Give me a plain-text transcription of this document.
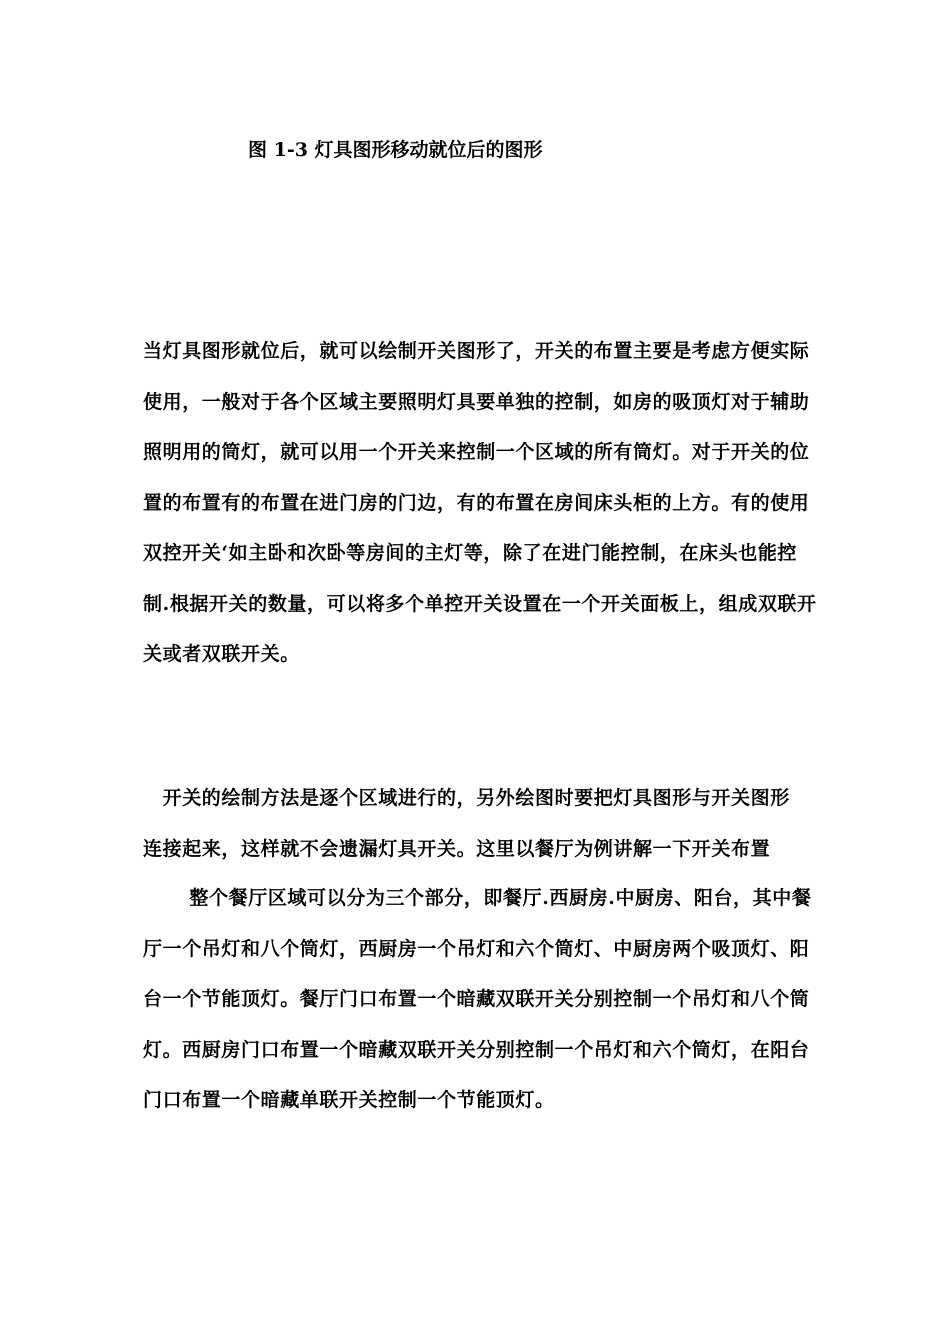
图 1-3 灯具图形移动就位后的图形
当灯具图形就位后，就可以绘制开关图形了，开关的布置主要是考虑方便实际
使用，一般对于各个区域主要照明灯具要单独的控制，如房的吸顶灯对于辅助
照明用的筒灯，就可以用一个开关来控制一个区域的所有筒灯。对于开关的位
置的布置有的布置在进门房的门边，有的布置在房间床头柜的上方。有的使用
双控开关‘如主卧和次卧等房间的主灯等，除了在进门能控制，在床头也能控
制.根据开关的数量，可以将多个单控开关设置在一个开关面板上，组成双联开
关或者双联开关。
　开关的绘制方法是逐个区域进行的，另外绘图时要把灯具图形与开关图形
连接起来，这样就不会遗漏灯具开关。这里以餐厅为例讲解一下开关布置
　　 整个餐厅区域可以分为三个部分，即餐厅.西厨房.中厨房、阳台，其中餐
厅一个吊灯和八个筒灯，西厨房一个吊灯和六个筒灯、中厨房两个吸顶灯、阳
台一个节能顶灯。餐厅门口布置一个暗藏双联开关分别控制一个吊灯和八个筒
灯。西厨房门口布置一个暗藏双联开关分别控制一个吊灯和六个筒灯，在阳台
门口布置一个暗藏单联开关控制一个节能顶灯。
